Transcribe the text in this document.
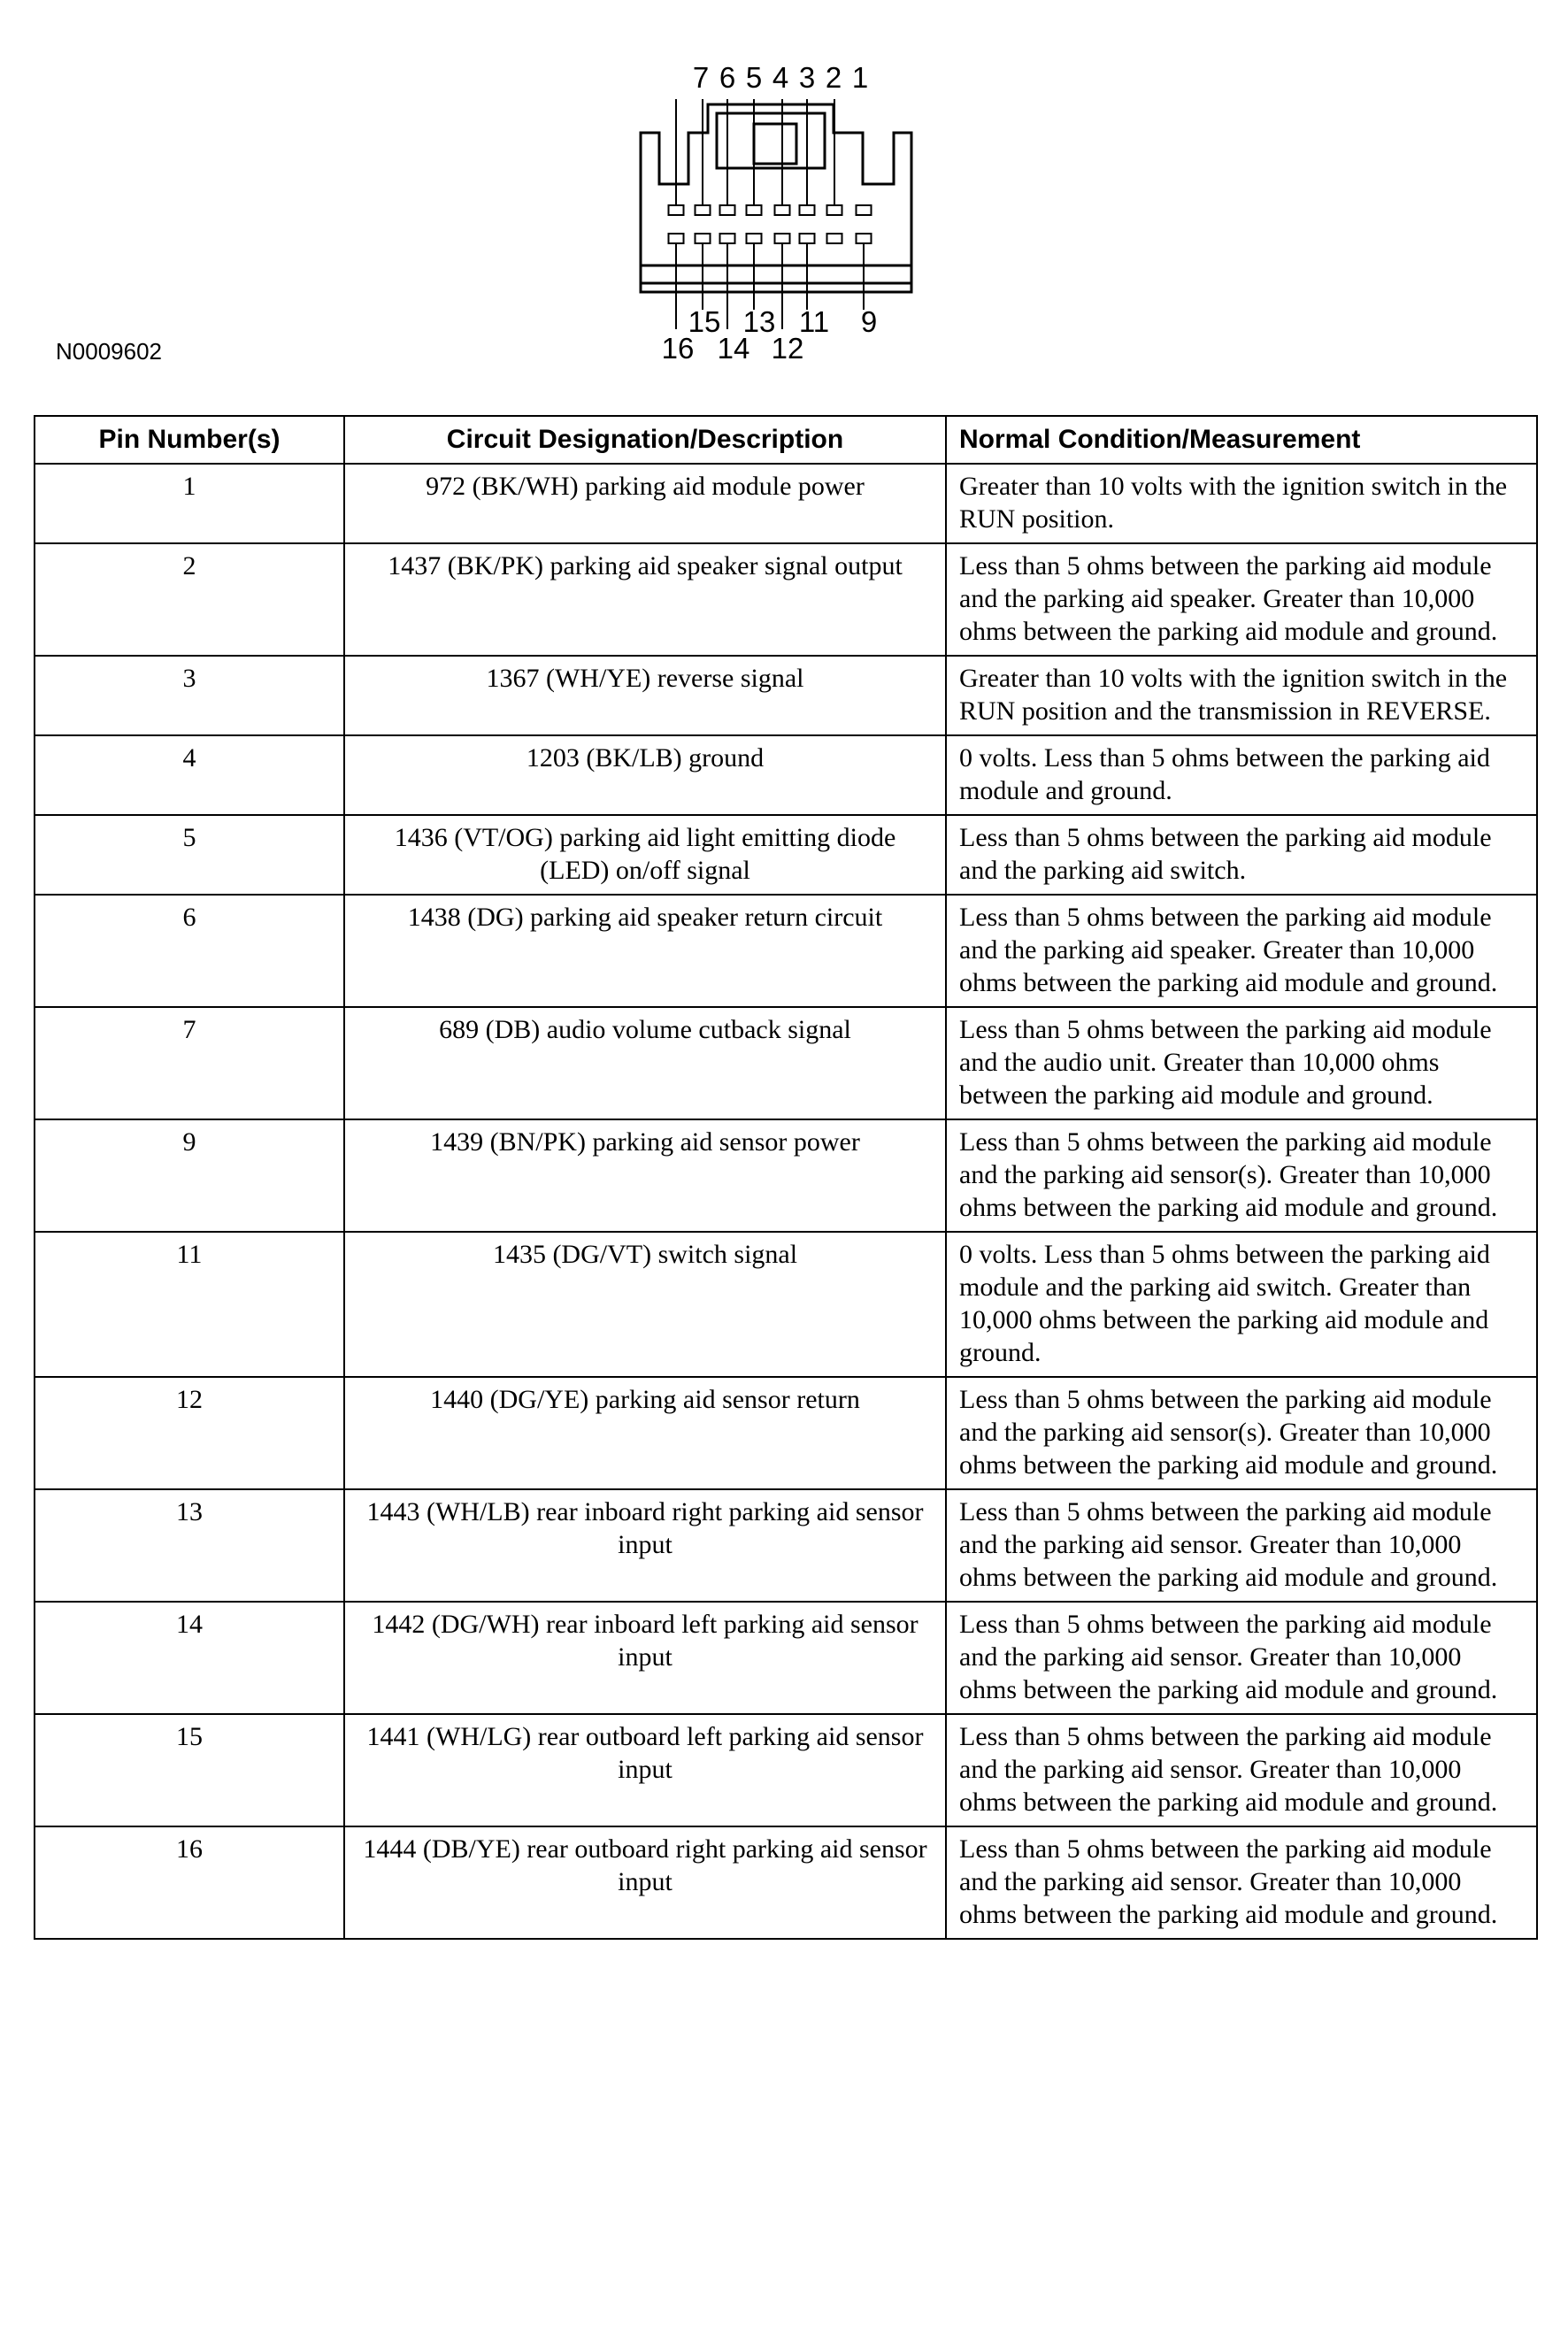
7 6 5 4 3 2 1
15 13 11 9
16 14 12
N0009602
Pin Number(s)	Circuit Designation/Description	Normal Condition/Measurement
1	972 (BK/WH) parking aid module power	Greater than 10 volts with the ignition switch in the RUN position.
2	1437 (BK/PK) parking aid speaker signal output	Less than 5 ohms between the parking aid module and the parking aid speaker. Greater than 10,000 ohms between the parking aid module and ground.
3	1367 (WH/YE) reverse signal	Greater than 10 volts with the ignition switch in the RUN position and the transmission in REVERSE.
4	1203 (BK/LB) ground	0 volts. Less than 5 ohms between the parking aid module and ground.
5	1436 (VT/OG) parking aid light emitting diode (LED) on/off signal	Less than 5 ohms between the parking aid module and the parking aid switch.
6	1438 (DG) parking aid speaker return circuit	Less than 5 ohms between the parking aid module and the parking aid speaker. Greater than 10,000 ohms between the parking aid module and ground.
7	689 (DB) audio volume cutback signal	Less than 5 ohms between the parking aid module and the audio unit. Greater than 10,000 ohms between the parking aid module and ground.
9	1439 (BN/PK) parking aid sensor power	Less than 5 ohms between the parking aid module and the parking aid sensor(s). Greater than 10,000 ohms between the parking aid module and ground.
11	1435 (DG/VT) switch signal	0 volts. Less than 5 ohms between the parking aid module and the parking aid switch. Greater than 10,000 ohms between the parking aid module and ground.
12	1440 (DG/YE) parking aid sensor return	Less than 5 ohms between the parking aid module and the parking aid sensor(s). Greater than 10,000 ohms between the parking aid module and ground.
13	1443 (WH/LB) rear inboard right parking aid sensor input	Less than 5 ohms between the parking aid module and the parking aid sensor. Greater than 10,000 ohms between the parking aid module and ground.
14	1442 (DG/WH) rear inboard left parking aid sensor input	Less than 5 ohms between the parking aid module and the parking aid sensor. Greater than 10,000 ohms between the parking aid module and ground.
15	1441 (WH/LG) rear outboard left parking aid sensor input	Less than 5 ohms between the parking aid module and the parking aid sensor. Greater than 10,000 ohms between the parking aid module and ground.
16	1444 (DB/YE) rear outboard right parking aid sensor input	Less than 5 ohms between the parking aid module and the parking aid sensor. Greater than 10,000 ohms between the parking aid module and ground.
